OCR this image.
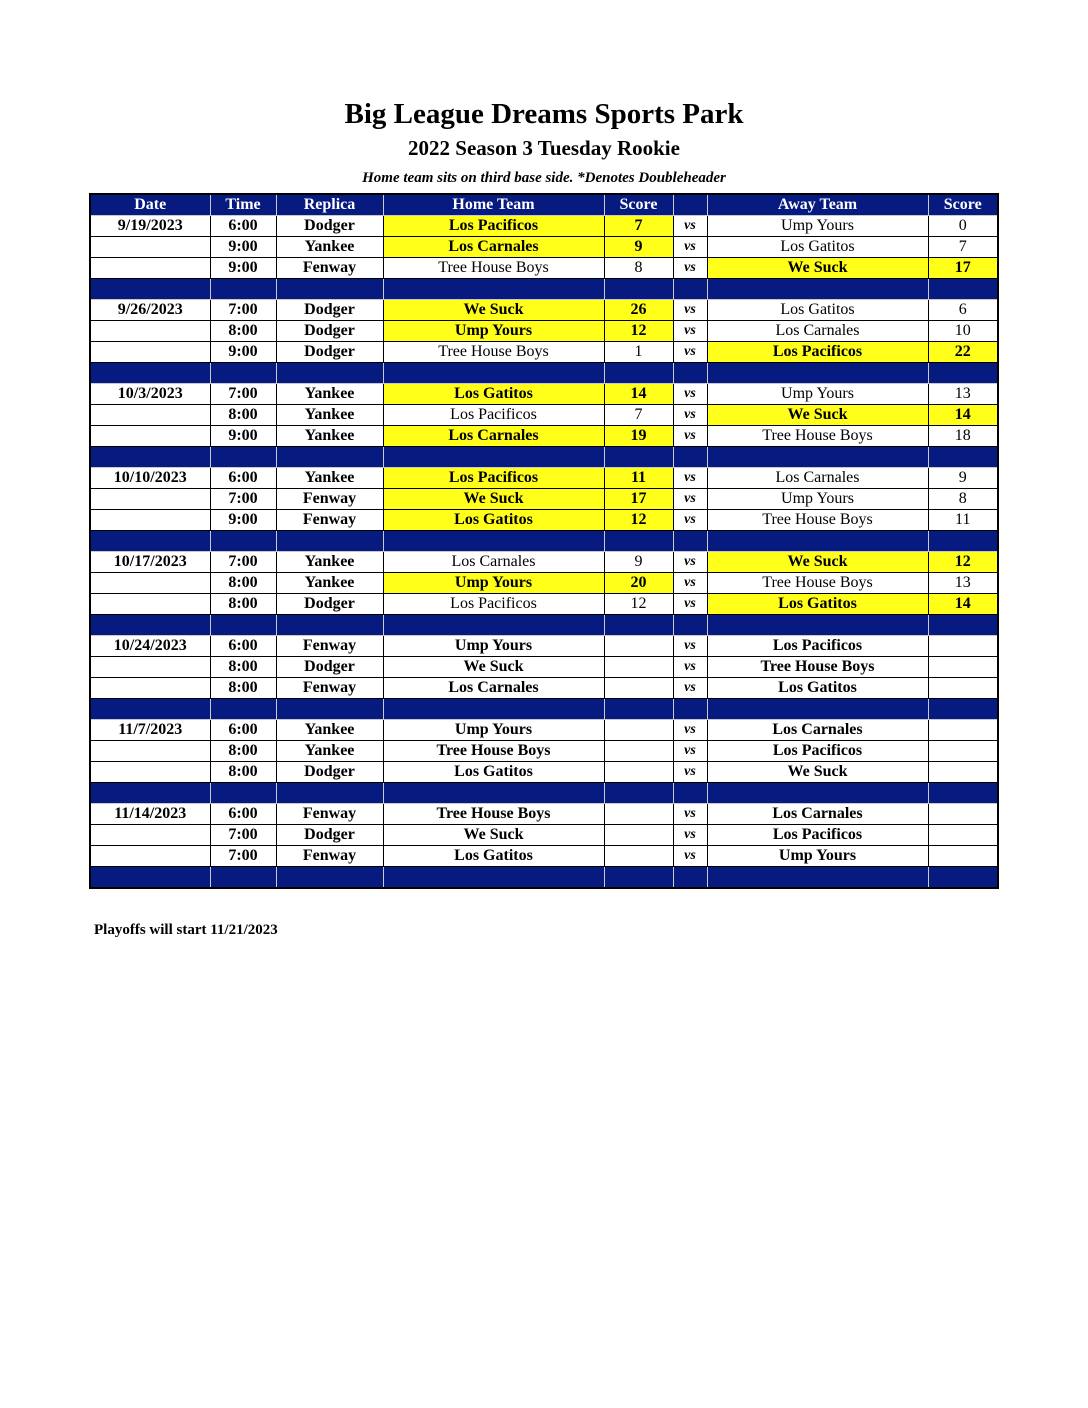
Big League Dreams Sports Park
2022 Season 3 Tuesday Rookie
Home team sits on third base side. *Denotes Doubleheader
Date	Time	Replica	Home Team	Score		Away Team	Score
9/19/2023	6:00	Dodger	Los Pacificos	7	vs	Ump Yours	0
	9:00	Yankee	Los Carnales	9	vs	Los Gatitos	7
	9:00	Fenway	Tree House Boys	8	vs	We Suck	17

9/26/2023	7:00	Dodger	We Suck	26	vs	Los Gatitos	6
	8:00	Dodger	Ump Yours	12	vs	Los Carnales	10
	9:00	Dodger	Tree House Boys	1	vs	Los Pacificos	22

10/3/2023	7:00	Yankee	Los Gatitos	14	vs	Ump Yours	13
	8:00	Yankee	Los Pacificos	7	vs	We Suck	14
	9:00	Yankee	Los Carnales	19	vs	Tree House Boys	18

10/10/2023	6:00	Yankee	Los Pacificos	11	vs	Los Carnales	9
	7:00	Fenway	We Suck	17	vs	Ump Yours	8
	9:00	Fenway	Los Gatitos	12	vs	Tree House Boys	11

10/17/2023	7:00	Yankee	Los Carnales	9	vs	We Suck	12
	8:00	Yankee	Ump Yours	20	vs	Tree House Boys	13
	8:00	Dodger	Los Pacificos	12	vs	Los Gatitos	14

10/24/2023	6:00	Fenway	Ump Yours		vs	Los Pacificos	
	8:00	Dodger	We Suck		vs	Tree House Boys	
	8:00	Fenway	Los Carnales		vs	Los Gatitos	

11/7/2023	6:00	Yankee	Ump Yours		vs	Los Carnales	
	8:00	Yankee	Tree House Boys		vs	Los Pacificos	
	8:00	Dodger	Los Gatitos		vs	We Suck	

11/14/2023	6:00	Fenway	Tree House Boys		vs	Los Carnales	
	7:00	Dodger	We Suck		vs	Los Pacificos	
	7:00	Fenway	Los Gatitos		vs	Ump Yours	

Playoffs will start 11/21/2023
